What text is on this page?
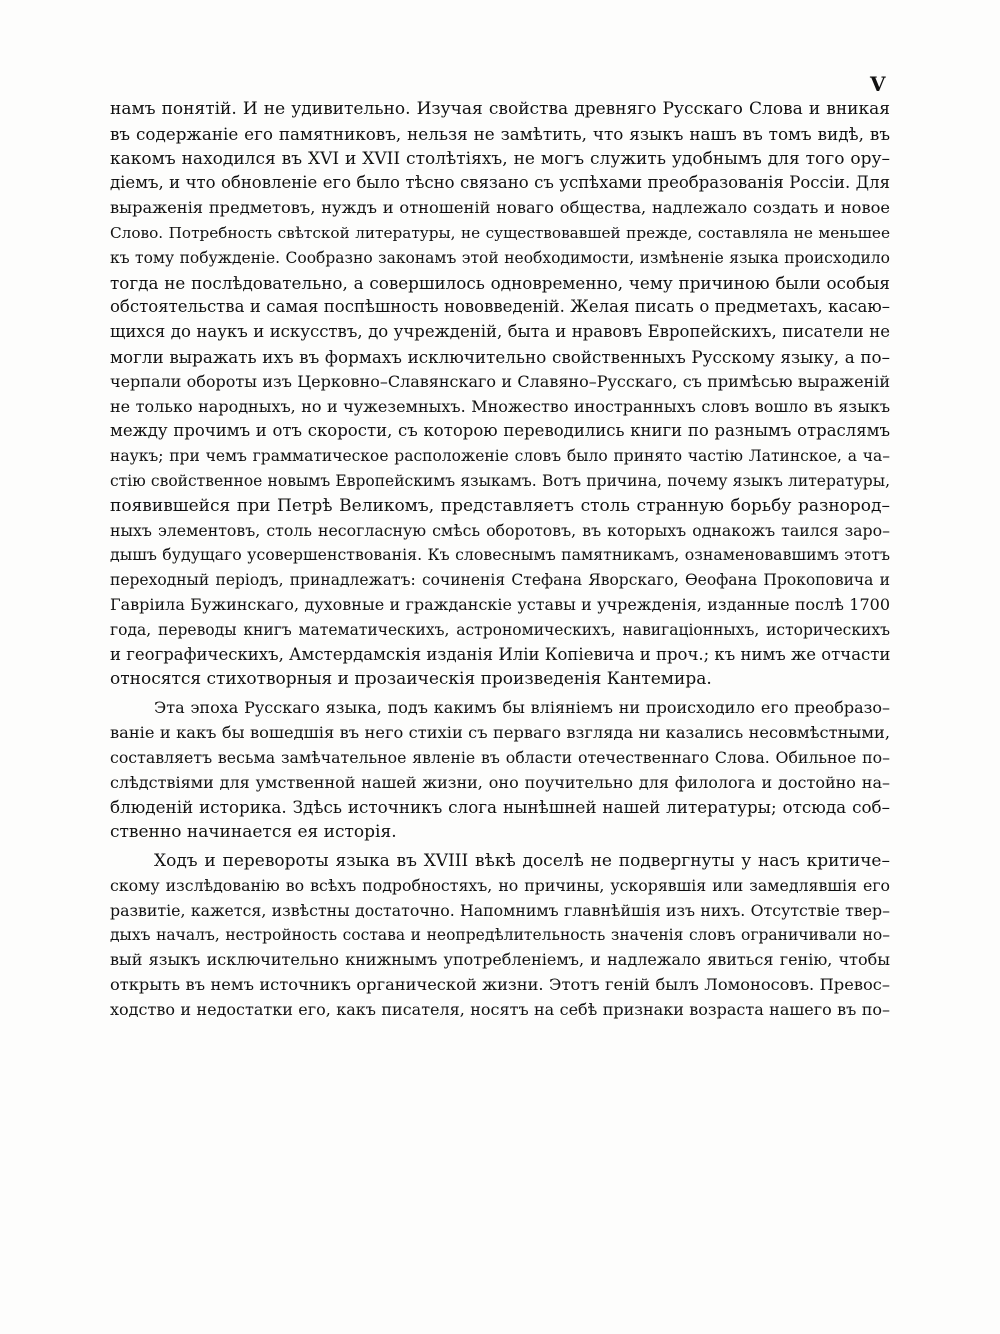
V
намъ понятій. И не удивительно. Изучая свойства древняго Русскаго Слова и вникая
въ содержаніе его памятниковъ, нельзя не замѣтить, что языкъ нашъ въ томъ видѣ, въ
какомъ находился въ XVI и XVII столѣтіяхъ, не могъ служить удобнымъ для того ору–
діемъ, и что обновленіе его было тѣсно связано съ успѣхами преобразованія Россіи. Для
выраженія предметовъ, нуждъ и отношеній новаго общества, надлежало создать и новое
Слово. Потребность свѣтской литературы, не существовавшей прежде, составляла не меньшее
къ тому побужденіе. Сообразно законамъ этой необходимости, измѣненіе языка происходило
тогда не послѣдовательно, а совершилось одновременно, чему причиною были особыя
обстоятельства и самая поспѣшность нововведеній. Желая писать о предметахъ, касаю–
щихся до наукъ и искусствъ, до учрежденій, быта и нравовъ Европейскихъ, писатели не
могли выражать ихъ въ формахъ исключительно свойственныхъ Русскому языку, а по–
черпали обороты изъ Церковно–Славянскаго и Славяно–Русскаго, съ примѣсью выраженій
не только народныхъ, но и чужеземныхъ. Множество иностранныхъ словъ вошло въ языкъ
между прочимъ и отъ скорости, съ которою переводились книги по разнымъ отраслямъ
наукъ; при чемъ грамматическое расположеніе словъ было принято частію Латинское, а ча–
стію свойственное новымъ Европейскимъ языкамъ. Вотъ причина, почему языкъ литературы,
появившейся при Петрѣ Великомъ, представляетъ столь странную борьбу разнород–
ныхъ элементовъ, столь несогласную смѣсь оборотовъ, въ которыхъ однакожъ таился заро–
дышъ будущаго усовершенствованія. Къ словеснымъ памятникамъ, ознаменовавшимъ этотъ
переходный періодъ, принадлежатъ: сочиненія Стефана Яворскаго, Ѳеофана Прокоповича и
Гавріила Бужинскаго, духовные и гражданскіе уставы и учрежденія, изданные послѣ 1700
года, переводы книгъ математическихъ, астрономическихъ, навигаціонныхъ, историческихъ
и географическихъ, Амстердамскія изданія Иліи Копіевича и проч.; къ нимъ же отчасти
относятся стихотворныя и прозаическія произведенія Кантемира.
Эта эпоха Русскаго языка, подъ какимъ бы вліяніемъ ни происходило его преобразо–
ваніе и какъ бы вошедшія въ него стихіи съ перваго взгляда ни казались несовмѣстными,
составляетъ весьма замѣчательное явленіе въ области отечественнаго Слова. Обильное по–
слѣдствіями для умственной нашей жизни, оно поучительно для филолога и достойно на–
блюденій историка. Здѣсь источникъ слога нынѣшней нашей литературы; отсюда соб–
ственно начинается ея исторія.
Ходъ и перевороты языка въ XVIII вѣкѣ доселѣ не подвергнуты у насъ критиче–
скому изслѣдованію во всѣхъ подробностяхъ, но причины, ускорявшія или замедлявшія его
развитіе, кажется, извѣстны достаточно. Напомнимъ главнѣйшія изъ нихъ. Отсутствіе твер–
дыхъ началъ, нестройность состава и неопредѣлительность значенія словъ ограничивали но–
вый языкъ исключительно книжнымъ употребленіемъ, и надлежало явиться генію, чтобы
открыть въ немъ источникъ органической жизни. Этотъ геній былъ Ломоносовъ. Превос–
ходство и недостатки его, какъ писателя, носятъ на себѣ признаки возраста нашего въ по–
